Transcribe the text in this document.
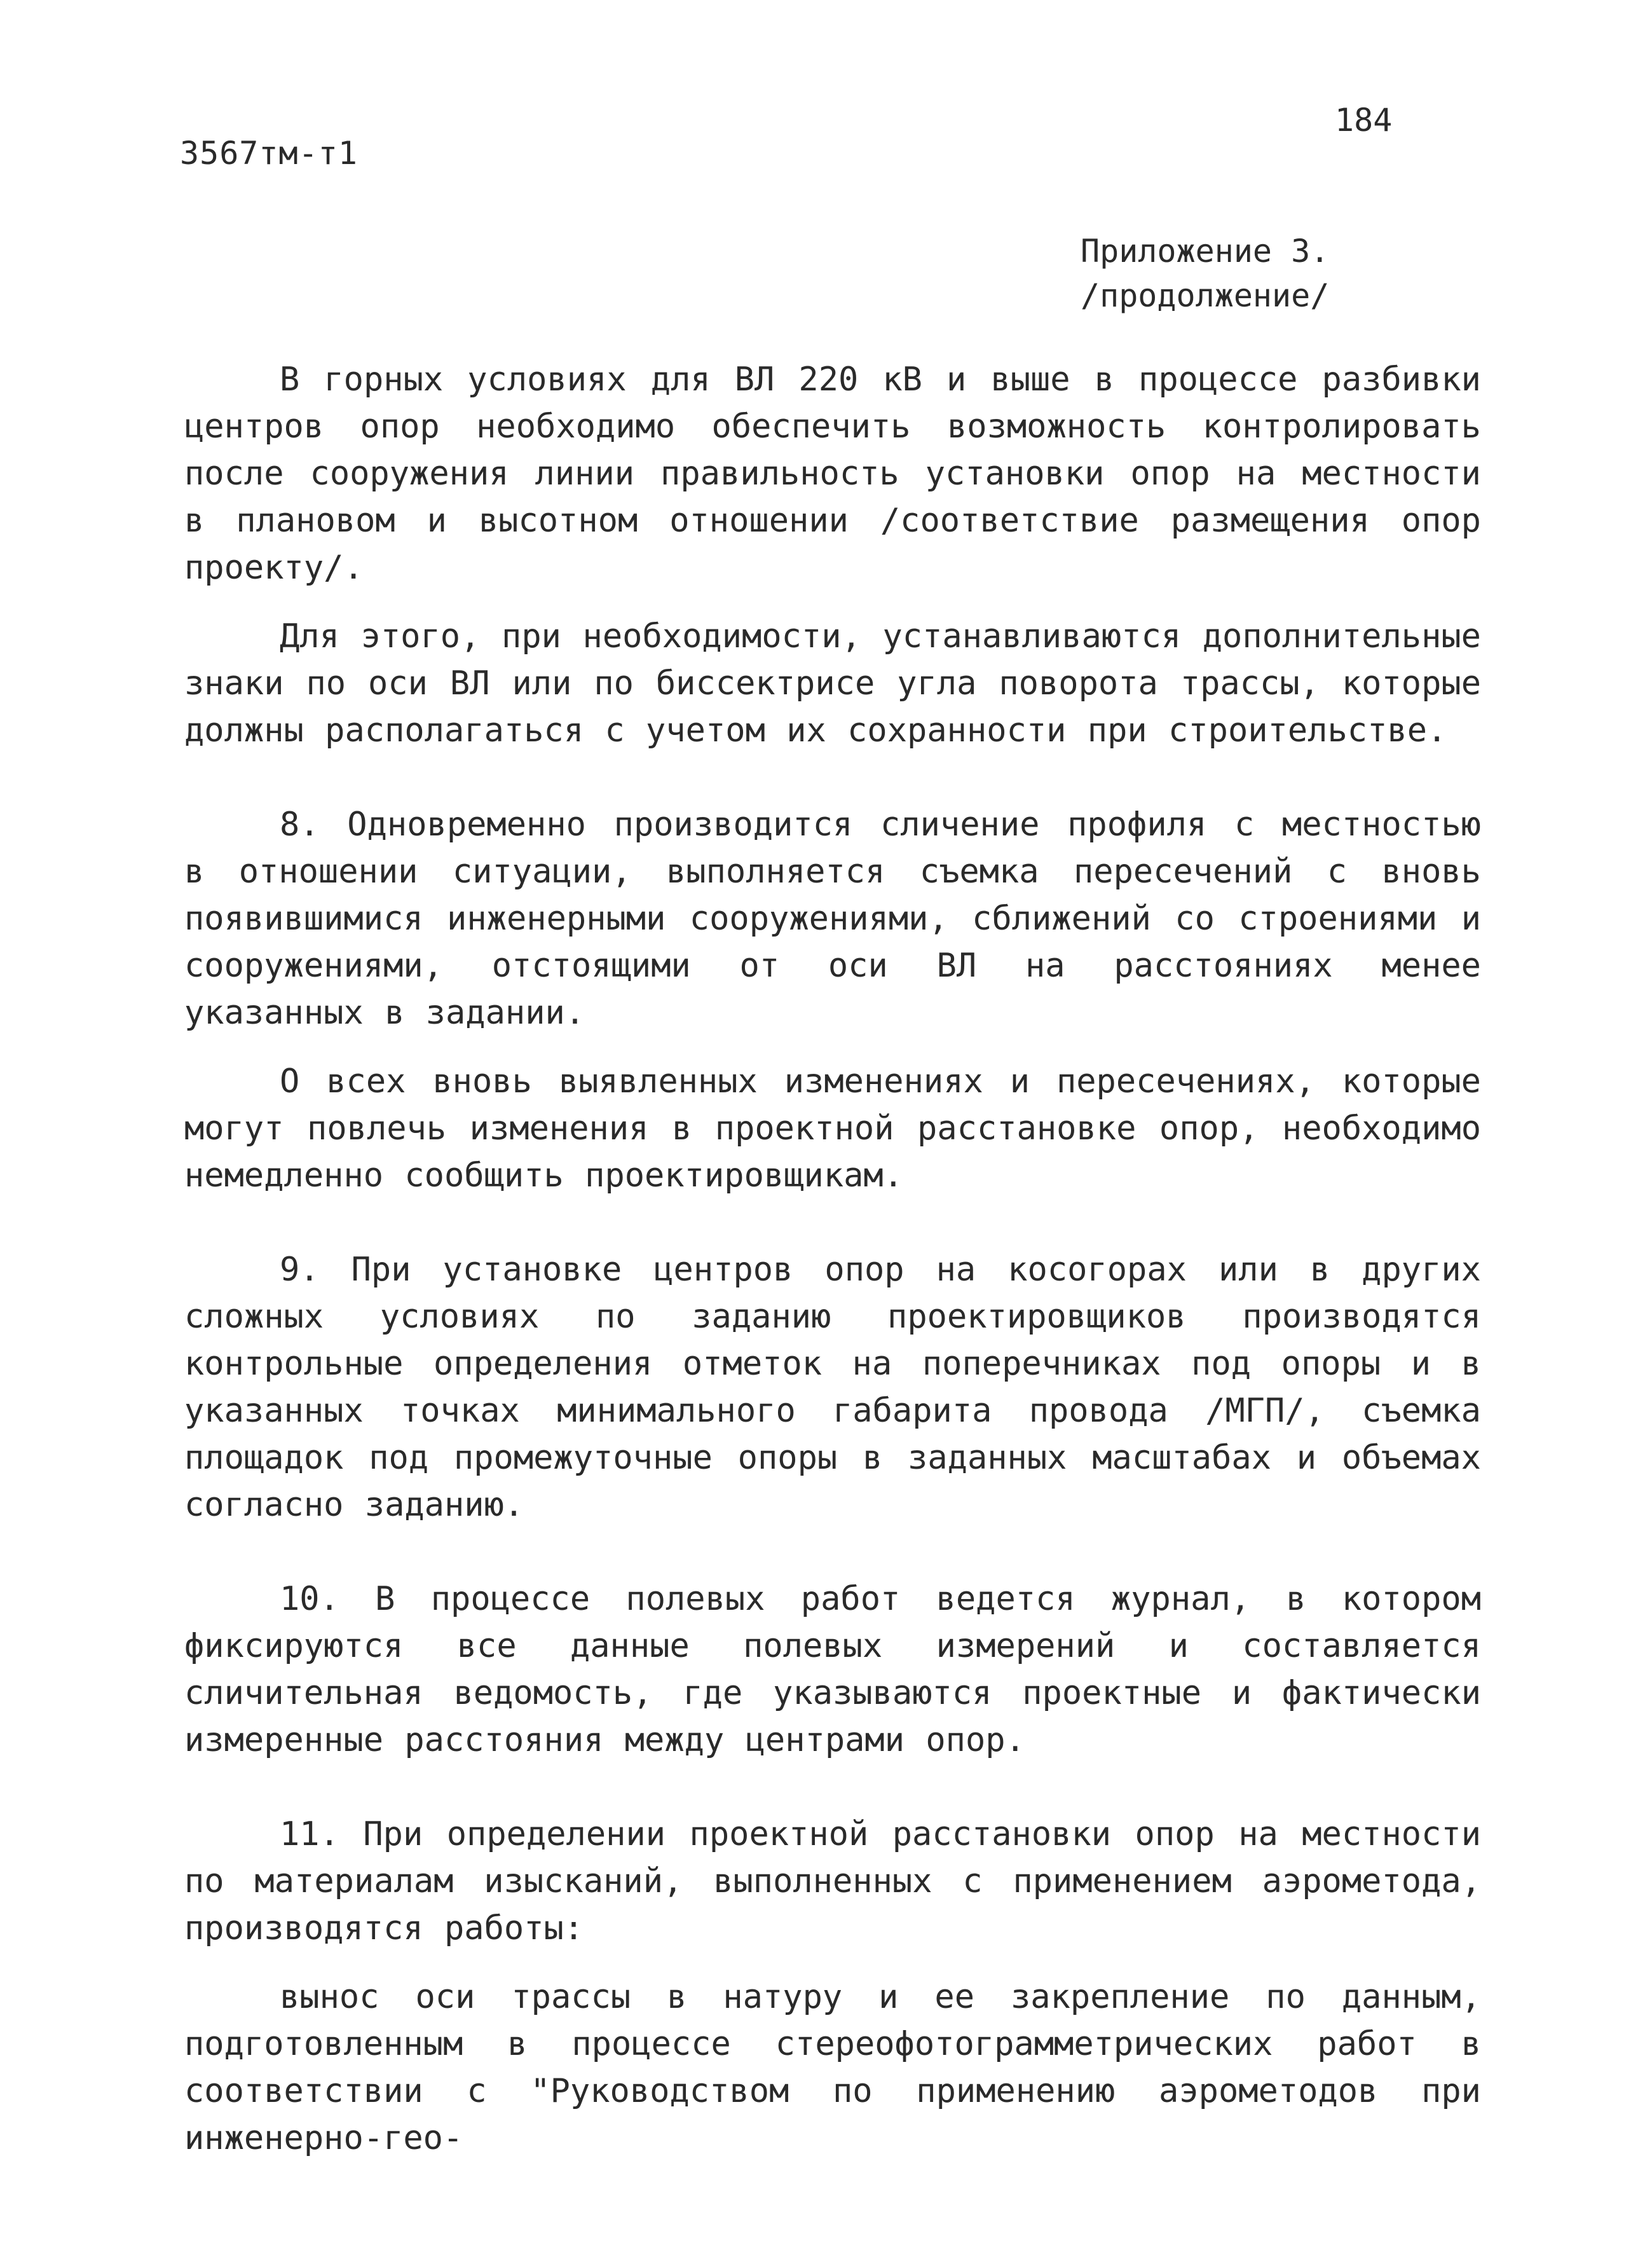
3567тм-т1
184
Приложение 3.
/продолжение/

В горных условиях для ВЛ 220 кВ и выше в процессе разбивки центров опор необходимо обеспечить возможность контролировать после сооружения линии правильность установки опор на местности в плановом и высотном отношении /соответствие размещения опор проекту/.

Для этого, при необходимости, устанавливаются дополнительные знаки по оси ВЛ или по биссектрисе угла поворота трассы, которые должны располагаться с учетом их сохранности при строительстве.

8. Одновременно производится сличение профиля с местностью в отношении ситуации, выполняется съемка пересечений с вновь появившимися инженерными сооружениями, сближений со строениями и сооружениями, отстоящими от оси ВЛ на расстояниях менее указанных в задании.

О всех вновь выявленных изменениях и пересечениях, которые могут повлечь изменения в проектной расстановке опор, необходимо немедленно сообщить проектировщикам.

9. При установке центров опор на косогорах или в других сложных условиях по заданию проектировщиков производятся контрольные определения отметок на поперечниках под опоры и в указанных точках минимального габарита провода /МГП/, съемка площадок под промежуточные опоры в заданных масштабах и объемах согласно заданию.

10. В процессе полевых работ ведется журнал, в котором фиксируются все данные полевых измерений и составляется сличительная ведомость, где указываются проектные и фактически измеренные расстояния между центрами опор.

11. При определении проектной расстановки опор на местности по материалам изысканий, выполненных с применением аэрометода, производятся работы:

вынос оси трассы в натуру и ее закрепление по данным, подготовленным в процессе стереофотограмметрических работ в соответствии с "Руководством по применению аэрометодов при инженерно-гео-
